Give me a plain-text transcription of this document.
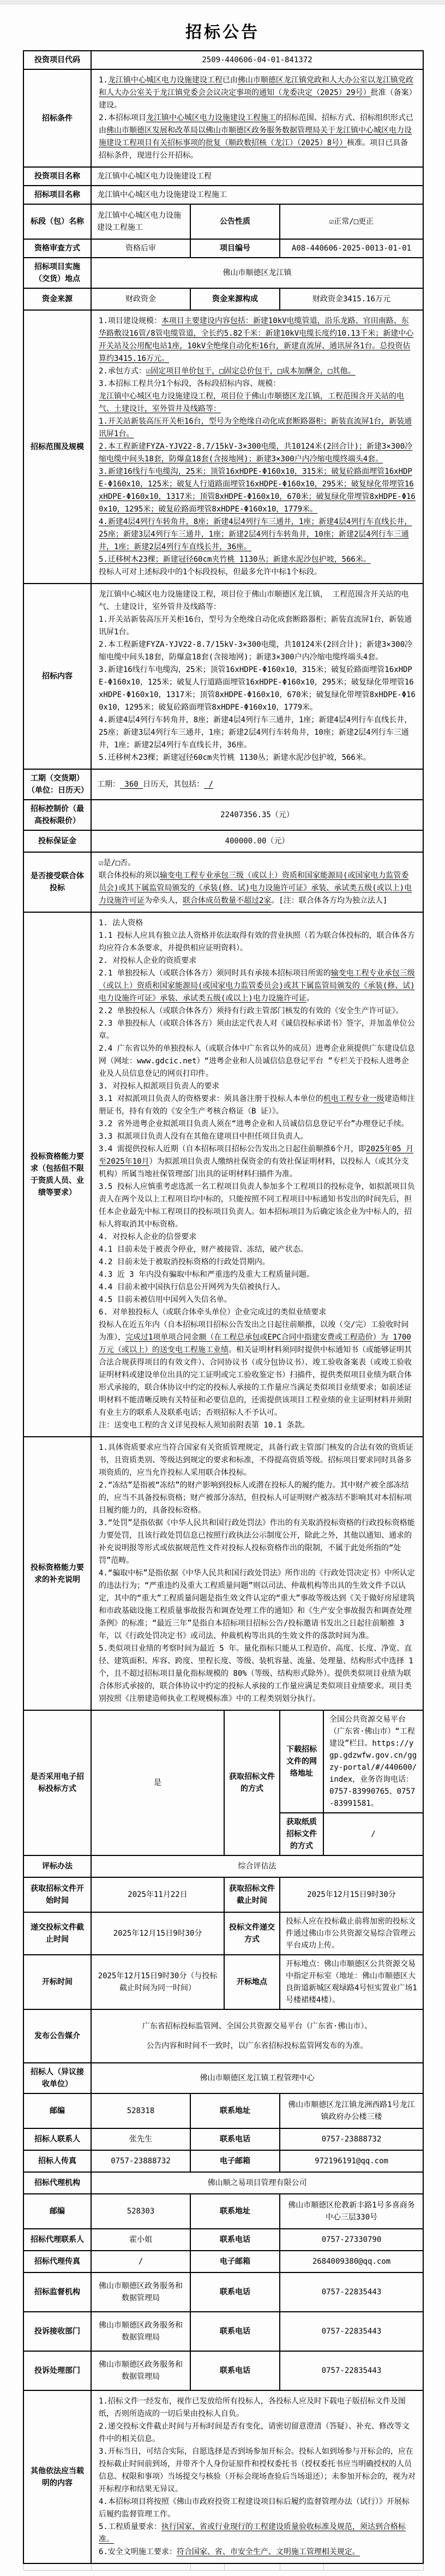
招标公告
投资项目代码	2509-440606-04-01-841372				
招标条件	1.龙江镇中心城区电力设施建设工程已由佛山市顺德区龙江镇党政和人大办公室以龙江镇党政和人大办公室关于龙江镇党委会会议决定事项的通知（龙委决定（2025）29号）批准（备案）建设。

2.本招标项目龙江镇中心城区电力设施建设工程施工的招标范围、招标方式、招标组织形式已由佛山市顺德区发展和改革局以佛山市顺德区政务服务数据管理局关于龙江镇中心城区电力设施建设工程项目有关招标事项的批复（顺政数招核（龙江）（2025）8号）核准。项目已具备招标条件，现进行公开招标。				

投资项目名称	龙江镇中心城区电力设施建设工程				
招标项目名称	龙江镇中心城区电力设施建设工程施工				
标段（包）名称	龙江镇中心城区电力设施建设工程施工	公告性质		☑正常/□更正	
资格审查方式	资格后审	项目编号		A08-440606-2025-0013-01-01	
招标项目实施（交货）地点	佛山市顺德区龙江镇				
资金来源	财政资金	资金来源构成		财政资金3415.16万元	
招标范围及规模	

1.项目建设规模：本项目主要建设内容包括：新建10kV电缆管道，沿乐龙路、官田南路、东华路敷设16管/8管电缆管道，全长约5.82千米：新建10kV电缆长度约10.13千米；新建中心开关站及公用配电站1座，10kV全绝缘自动化柜16台，新建直流屏、通讯屏各1台。总投资估算约3415.16万元。

2.承包方式：☑固定项目单价包干，□固定总价包干，□成本加酬金，□其他。

3.本招标工程共分1个标段，各标段招标内容、规模：

龙江镇中心城区电力设施建设工程，项目位于佛山市顺德区龙江镇，工程范围含开关站的电气、土建设计，室外管井及线路等：

1.开关站新装高压开关柜16台，型号为全绝缘自动化成套断路器柜；新装直流屏1台，新装通讯屏1台。

2.本工程新建FYZA-YJV22-8.7/15kV-3×300电缆，共10124米(2回合计)；新建3×300冷缩电缆中间头18套，防爆盒18套(含接地网)；新建3×300户内冷缩电缆终端头4套。

3.新建16线行车电缆沟，25米；顶管16xHDPE-Φ160x10，315米；破复砼路面埋管16xHDPE-Φ160x10，125米；破复人行道路面埋管16xHDPE-Φ160x10，295米；破复绿化带埋管16xHDPE-Φ160x10，1317米；顶管8xHDPE-Φ160x10，670米；破复绿化带埋管8xHDPE-Φ160x10，1295米；破复砼路面埋管8xHDPE-Φ160x10，1779米。

4.新建4层4列行车转角井，8座；新建4层4列行车三通井，1座；新建4层4列行车直线长井，25座；新建3层4列行车三通井，1座；新建2层4列行车转角井，10座；新建2层4列行车三通井，1座；新建2层4列行车直线长井，36座。

5.迁移树木23棵；新建冠径60cm夹竹桃 1130丛；新建水泥沙包护坡，566米。

投标人可对上述标段中的1个标段投标，但最多允许中标1个标段。

招标内容	

龙江镇中心城区电力设施建设工程，项目位于佛山市顺德区龙江镇， 工程范围含开关站的电气、土建设计，室外管井及线路等：

1.开关站新装高压开关柜16台，型号为全绝缘自动化成套断路器柜；新装直流屏1台，新装通讯屏1台。

2.本工程新建FYZA-YJV22-8.7/15kV-3×300电缆，共10124米(2回合计)；新建3×300冷缩电缆中间头18套，防爆盒18套(含接地网)；新建3×300户内冷缩电缆终端头4套。

3.新建16线行车电缆沟，25米；顶管16xHDPE-Φ160x10，315米；破复砼路面埋管16xHDPE-Φ160x10，125米；破复人行道路面埋管16xHDPE-Φ160x10，295米；破复绿化带埋管16xHDPE-Φ160x10，1317米；顶管8xHDPE-Φ160x10，670米；破复绿化带埋管8xHDPE-Φ160x10，1295米；破复砼路面埋管8xHDPE-Φ160x10，1779米。

4.新建4层4列行车转角井，8座；新建4层4列行车三通井，1座；新建4层4列行车直线长井，25座；新建3层4列行车三通井，1座；新建2层4列行车转角井，10座；新建2层4列行车三通井，1座；新建2层4列行车直线长井，36座。

5.迁移树木23棵；新建冠径60cm夹竹桃 1130丛；新建水泥沙包护坡，566米。

工期（交货期）（单位：日历天）	工期： 360 日历天，其包括： /				
招标控制价（最高投标限价）	22407356.35（元）				
投标保证金	400000.00（元）				
是否接受联合体投标	☑是/□否。

联合体投标的须以输变电工程专业承包三级（或以上）资质和国家能源局(或国家电力监管委员会)或其下属监管局颁发的《承装(修、试)电力设施许可证》承装、承试类五级(或以上)电力设施许可证为牵头人，联合体成员数量不超过2家。[注：联合体各方均为独立法人]				

投标资格能力要求（包括但不限于资质人员、业绩等要求）	

1. 法人资格

1.1 投标人应具有独立法人资格并依法取得有效的营业执照（若为联合体投标的，联合体各方均应符合本条要求，并提供相应证明资料）。

2. 对投标人企业的资质要求

2.1 单独投标人（或联合体各方）须同时具有承接本招标项目所需的输变电工程专业承包三级（或以上）资质和国家能源局(或国家电力监管委员会)或其下属监管局颁发的《承装(修、试)电力设施许可证》承装、承试类五级(或以上)电力设施许可证。

2.2 单独投标人（或联合体各方）须持有行政主管部门核发的有效的《安全生产许可证》。

2.3 单独投标人（或联合体各方）须由法定代表人对《诚信投标承诺书》签字，并加盖单位公章。

2.4 广东省以外的单独投标人（或联合体中广东省以外的成员）进粤企业须提供广东建设信息网（网址：www.gdcic.net）“进粤企业和人员诚信信息登记平台 ”专栏关于投标人进粤企业及人员信息登记的网页打印件。

3. 对投标人拟派项目负责人的要求

3.1 对拟派项目负责人的资格要求：须具备注册于投标人本单位的机电工程专业一级建造师注册证书，持有有效的《安全生产考核合格证（B 证）》。

3.2 省外进粤企业拟派项目负责人须在“进粤企业和人员诚信信息登记平台”办理登记手续。

3.3 拟派项目负责人没有在其他在建项目中担任项目负责人。

3.4 需提供投标人近期（自本招标项目招标公告发出之日起往前顺推6个月，即2025年05 月至2025年10月）为拟派项目负责人缴纳社保资金的有效社保证明材料，以投标人（或其分支机构）所属当地社保管理部门出具的证明材料扫描件为准。

3.5 投标人应慎重考虑选派一名工程项目负责人参加多个工程项目的投标竞争，如拟派项目负责人在两个及以上工程项目均中标的，只能按照不同工程项目中标通知书发出的时间先后，担任本企业最先中标工程项目的投标项目负责人。如本招标项目为后确定该企业为中标人的，招标人将取消其中标资格。

4. 对投标人企业的信誉要求

4.1 目前未处于被责令停业，财产被接管、冻结，破产状态。

4.2 目前未处于被取消投标资格的行政处罚期内。

4.3 近 3 年内没有骗取中标和严重违约及重大工程质量问题。

4.4 目前未被中国执行信息公开网列为失信被执行人。

4.5 目前未被信用中国列入失信名单。

6. 对单独投标人（或联合体牵头单位）企业完成过的类似业绩要求

投标人在近五年内（自本招标项目招标公告发出之日起往前顺推，以竣（交/完）工验收时间为准），完成过1项单项合同金额（在工程总承包或EPC合同中指建安费或工程造价）为 1700万元（或以上）的送变电工程施工业绩。相关证明材料须同时提供中标通知书（或能够证明其合法合规获得项目的有效文件）、合同协议书（或分包协议书）、竣工验收备案表（或竣工验收证明材料或建设单位出具的完工证明或完工验收鉴定书）扫描件，提供类似项目业绩为联合体形式承接的，联合体协议中约定的投标人承接的工作量应当满足类似项目业绩要求；如前述证明材料不能清晰反映有关特征和必要信息的，还需提供该项目工程业绩的业主证明材料并须附有业主方的联系人及联系电话；否则招标人不予认可。

注：送变电工程的含义详见投标人须知前附表第 10.1 条款。

投标资格能力要求的补充说明	1.具体资质要求应当符合国家有关资质管理规定，具备行政主管部门核发的合法有效的资质证书，且资质类别、等级达到规定的要求和标准，不得提高资质等级。招标项目要求同时具备多项资质的，应当允许投标人采用联合体投标。

2.“冻结”是指被“冻结”的财产影响到投标人或潜在投标人的履约能力。其中财产被全部冻结的，应当不具备投标资格；财产被部分冻结，但投标人可证明财产被冻结不影响其对本招标项目履约能力的，具备投标资格。

3.“处罚”是指依据《中华人民共和国行政处罚法》作出的有关取消投标资格的行政投标资格能力要处罚，且该行政处罚信息已按照行政执法公示制度公开，除此之外，其他以通知、通求的补充说明报等形式或依据规范性文件对投标人投标资格作出的限制，不属于此处所指的“处罚”范畴。

4.“骗取中标”是指依据《中华人民共和国行政处罚法》所作出的《行政处罚决定书》中所认定的违法行为；“严重违约及重大工程质量问题”则以司法、仲裁机构等出具的生效文件予以认定，其中的“重大”工程质量问题是指生效文件认定的“重大”事故等级达到《关于做好房屋建筑和市政基础设施工程质量事故报告和调查处理工作的通知》和《生产安全事故报告和调查处理条例》的标准；“最近三年”是指自本招标项目招标公告/投标邀请书发出之日起往前顺推 3 年，以《行政处罚决定书》或司法、仲裁机构等出具的生效文件的落款时间为准。

5.类似项目业绩的考察时间为最近 5 年。量化指标只能从工程造价、高度、长度、净宽、直径、建筑面积、库容、跨度、里程长度、等级、装机容量、流量、处理量、结构形式中选择 1 个，且不超过招标项目量化指标规模的 80%（等级、结构形式除外）。提供类似项目业绩为联合体形式承接的，联合体协议中约定的投标人承接的工作量应满足类似项目业绩要求。项目类别按照《注册建造师执业工程规模标准》中的工程类别划分执行。				

是否采用电子招标投标方式	是		获取招标文件的方式	下载招标文件的网络地址	全国公共资源交易平台（广东省·佛山市）“工程建设”栏目。https://ygp.gdzwfw.gov.cn/ggzy-portal/#/440600/index，业务咨询电话：0757-83990765、0757-83991581。
				获取纸质招标文件的方式	/
评标办法	综合评估法				
获取招标文件开始时间	2025年11月22日		获取招标文件截止时间	2025年12月15日9时30分	
递交投标文件截止时间	2025年12月15日9时30分		投标文件递交方式	投标人应在投标截止前将加密的投标文件通过佛山市公共资源交易综合管理云平台成功上传。	
开标时间	2025年12月15日9时30分（与投标截止时间为同一时间）		开标地点	开标地点：佛山市顺德区公共资源交易中指定开标室（地址：佛山市顺德区大良街道新城区观绿路4号恒实置业广场1号楼裙楼4楼）。	
发布公告媒介	广东省招标投标监管网、全国公共资源交易平台（广东省·佛山市）。

公告内容和时间不一致时，以广东省招标投标监管网发布的为准。				

招标人（异议接收单位）	佛山市顺德区龙江镇工程管理中心				
邮编	528318	联系地址		佛山市顺德区龙江镇龙洲西路1号龙江镇政府办公楼三楼	
招标人联系人	张先生	联系电话		0757-23888732	
招标人传真	0757-23888732	电子邮箱		972196191@qq.com	
招标代理机构	佛山顺之易项目管理有限公司				
邮编	528303	联系地址		佛山市顺德区伦教新丰路1号多喜商务中心三层330号	
招标代理联系人	霍小姐	联系电话		0757-27330790	
招标代理传真	/	电子邮箱		2684009380@qq.com	
招标监督机构	佛山市顺德区政务服务和数据管理局	联系电话		0757-22835443	
投诉接收部门	佛山市顺德区政务服务和数据管理局	联系电话		0757-22835443	
投诉处理部门	佛山市顺德区政务服务和数据管理局	联系电话		0757-22835443	
其他依法应当载明的内容	

1.招标文件一经发布，视作已发放给所有投标人，各投标人应及时下载电子版招标文件及图纸，否则所造成的一切后果由投标人自负。

2.递交投标文件截止时间与开标时间是否有变化，请密切留意澄清（答疑）、补充、修改等文件中的相关信息。

3.开标当日，可结合实际，自愿选择是否到场参加开标会。投标人如到场参与开标会的，应在投标截止时间前到场，并带齐个人身份证原件和授权委托书（授权委托书应当明确授权的人员信息、权限和事项）当场提交与核验（开标会现场查验后当场退还）；未参加开标会的，视为对开标程序和结果无异议。

4.本招标项目将按照《佛山市政府投资工程建设项目标后履约监督管理办法（试行）》开展标后履约监督管理工作。

5.工程质量要求：执行国家、省或行业现行的工程建设质量验收标准及规范，须达到合格标准。

6.安全文明施工要求：符合国家、省、市安全生产、文明施工管理相关规定。
